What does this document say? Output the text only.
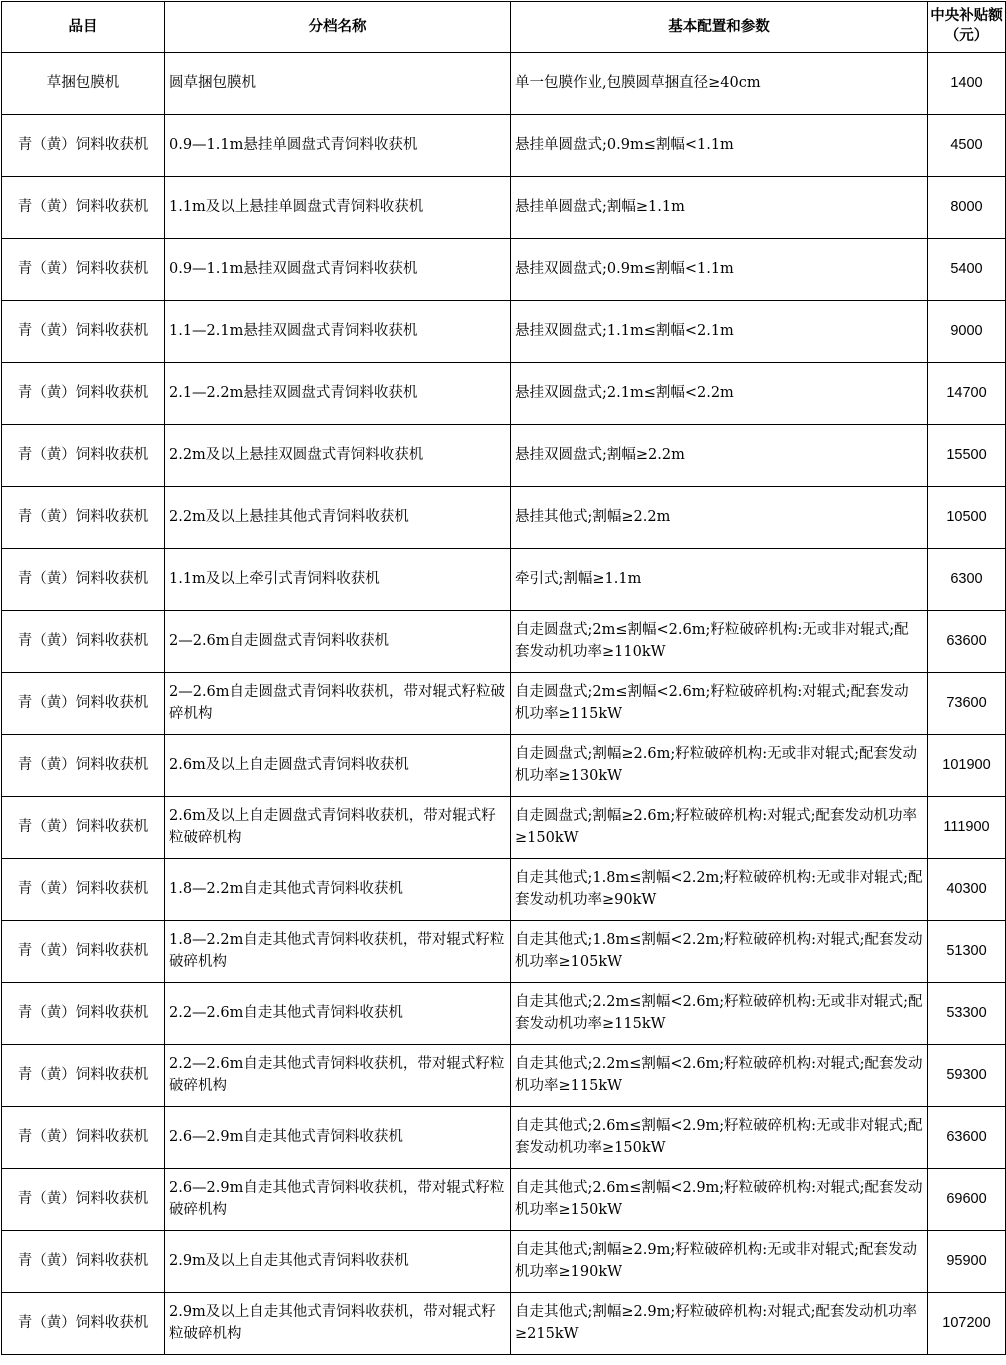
品目	分档名称	基本配置和参数	中央补贴额（元）
草捆包膜机	圆草捆包膜机	单一包膜作业,包膜圆草捆直径≥40cm	1400
青（黄）饲料收获机	0.9—1.1m悬挂单圆盘式青饲料收获机	悬挂单圆盘式;0.9m≤割幅<1.1m	4500
青（黄）饲料收获机	1.1m及以上悬挂单圆盘式青饲料收获机	悬挂单圆盘式;割幅≥1.1m	8000
青（黄）饲料收获机	0.9—1.1m悬挂双圆盘式青饲料收获机	悬挂双圆盘式;0.9m≤割幅<1.1m	5400
青（黄）饲料收获机	1.1—2.1m悬挂双圆盘式青饲料收获机	悬挂双圆盘式;1.1m≤割幅<2.1m	9000
青（黄）饲料收获机	2.1—2.2m悬挂双圆盘式青饲料收获机	悬挂双圆盘式;2.1m≤割幅<2.2m	14700
青（黄）饲料收获机	2.2m及以上悬挂双圆盘式青饲料收获机	悬挂双圆盘式;割幅≥2.2m	15500
青（黄）饲料收获机	2.2m及以上悬挂其他式青饲料收获机	悬挂其他式;割幅≥2.2m	10500
青（黄）饲料收获机	1.1m及以上牵引式青饲料收获机	牵引式;割幅≥1.1m	6300
青（黄）饲料收获机	2—2.6m自走圆盘式青饲料收获机	自走圆盘式;2m≤割幅<2.6m;籽粒破碎机构:无或非对辊式;配套发动机功率≥110kW	63600
青（黄）饲料收获机	2—2.6m自走圆盘式青饲料收获机，带对辊式籽粒破碎机构	自走圆盘式;2m≤割幅<2.6m;籽粒破碎机构:对辊式;配套发动机功率≥115kW	73600
青（黄）饲料收获机	2.6m及以上自走圆盘式青饲料收获机	自走圆盘式;割幅≥2.6m;籽粒破碎机构:无或非对辊式;配套发动机功率≥130kW	101900
青（黄）饲料收获机	2.6m及以上自走圆盘式青饲料收获机，带对辊式籽粒破碎机构	自走圆盘式;割幅≥2.6m;籽粒破碎机构:对辊式;配套发动机功率≥150kW	111900
青（黄）饲料收获机	1.8—2.2m自走其他式青饲料收获机	自走其他式;1.8m≤割幅<2.2m;籽粒破碎机构:无或非对辊式;配套发动机功率≥90kW	40300
青（黄）饲料收获机	1.8—2.2m自走其他式青饲料收获机，带对辊式籽粒破碎机构	自走其他式;1.8m≤割幅<2.2m;籽粒破碎机构:对辊式;配套发动机功率≥105kW	51300
青（黄）饲料收获机	2.2—2.6m自走其他式青饲料收获机	自走其他式;2.2m≤割幅<2.6m;籽粒破碎机构:无或非对辊式;配套发动机功率≥115kW	53300
青（黄）饲料收获机	2.2—2.6m自走其他式青饲料收获机，带对辊式籽粒破碎机构	自走其他式;2.2m≤割幅<2.6m;籽粒破碎机构:对辊式;配套发动机功率≥115kW	59300
青（黄）饲料收获机	2.6—2.9m自走其他式青饲料收获机	自走其他式;2.6m≤割幅<2.9m;籽粒破碎机构:无或非对辊式;配套发动机功率≥150kW	63600
青（黄）饲料收获机	2.6—2.9m自走其他式青饲料收获机，带对辊式籽粒破碎机构	自走其他式;2.6m≤割幅<2.9m;籽粒破碎机构:对辊式;配套发动机功率≥150kW	69600
青（黄）饲料收获机	2.9m及以上自走其他式青饲料收获机	自走其他式;割幅≥2.9m;籽粒破碎机构:无或非对辊式;配套发动机功率≥190kW	95900
青（黄）饲料收获机	2.9m及以上自走其他式青饲料收获机，带对辊式籽粒破碎机构	自走其他式;割幅≥2.9m;籽粒破碎机构:对辊式;配套发动机功率≥215kW	107200
